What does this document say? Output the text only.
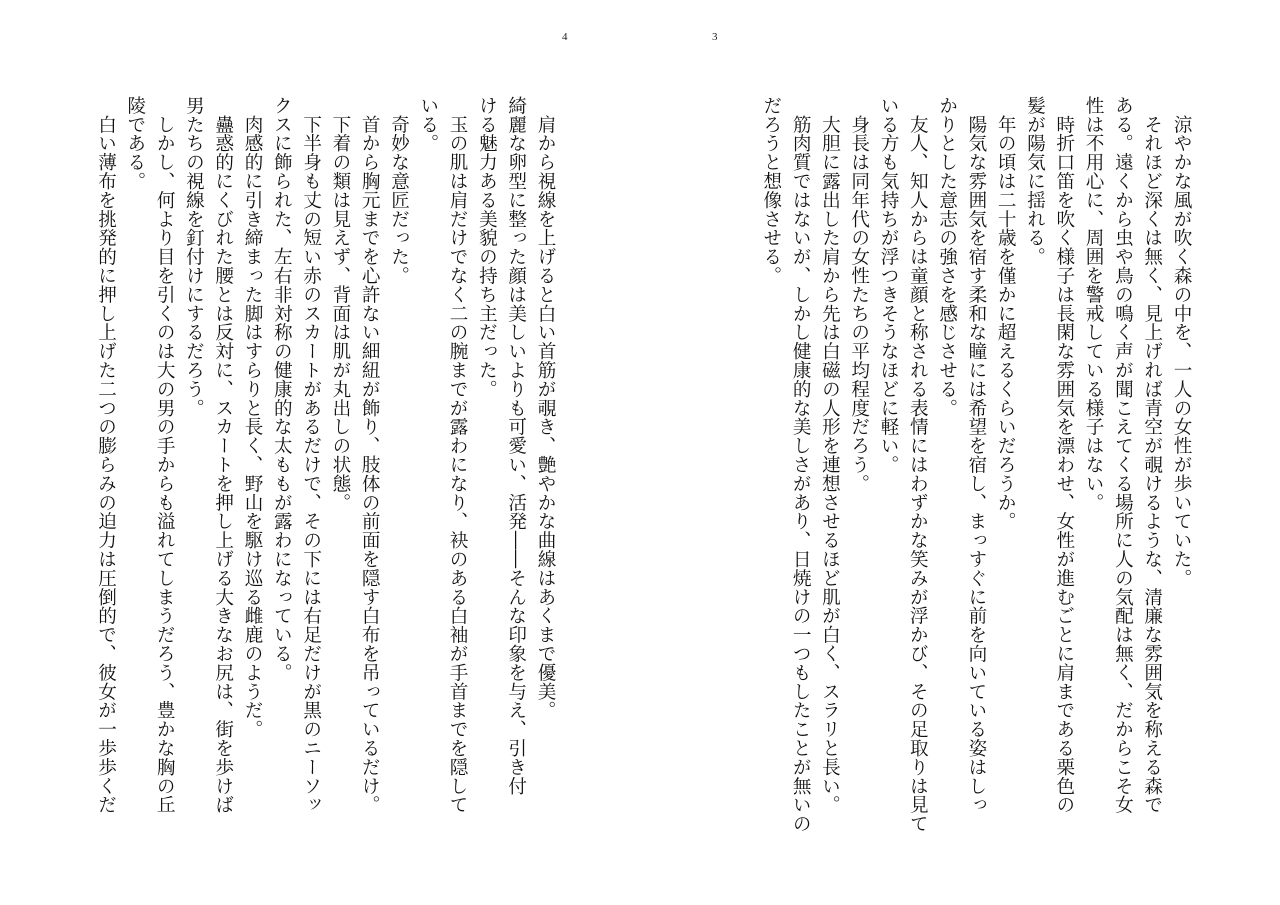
4
　肩から視線を上げると白い首筋が覗き、艶やかな曲線はあくまで優美。
綺麗な卵型に整った顔は美しいよりも可愛い、活発――そんな印象を与え、引き付
ける魅力ある美貌の持ち主だった。
　玉の肌は肩だけでなく二の腕までが露わになり、袂のある白袖が手首までを隠して
いる。
　奇妙な意匠だった。
　首から胸元までを心許ない細紐が飾り、肢体の前面を隠す白布を吊っているだけ。
　下着の類は見えず、背面は肌が丸出しの状態。
　下半身も丈の短い赤のスカートがあるだけで、その下には右足だけが黒のニーソッ
クスに飾られた、左右非対称の健康的な太ももが露わになっている。
　肉感的に引き締まった脚はすらりと長く、野山を駆け巡る雌鹿のようだ。
　蠱惑的にくびれた腰とは反対に、スカートを押し上げる大きなお尻は、街を歩けば
男たちの視線を釘付けにするだろう。
　しかし、何より目を引くのは大の男の手からも溢れてしまうだろう、豊かな胸の丘
陵である。
　白い薄布を挑発的に押し上げた二つの膨らみの迫力は圧倒的で、彼女が一歩歩くだ
3
　涼やかな風が吹く森の中を、一人の女性が歩いていた。
　それほど深くは無く、見上げれば青空が覗けるような、清廉な雰囲気を称える森で
ある。遠くから虫や鳥の鳴く声が聞こえてくる場所に人の気配は無く、だからこそ女
性は不用心に、周囲を警戒している様子はない。
　時折口笛を吹く様子は長閑な雰囲気を漂わせ、女性が進むごとに肩まである栗色の
髪が陽気に揺れる。
　年の頃は二十歳を僅かに超えるくらいだろうか。
　陽気な雰囲気を宿す柔和な瞳には希望を宿し、まっすぐに前を向いている姿はしっ
かりとした意志の強さを感じさせる。
　友人、知人からは童顔と称される表情にはわずかな笑みが浮かび、その足取りは見て
いる方も気持ちが浮つきそうなほどに軽い。
　身長は同年代の女性たちの平均程度だろう。
　大胆に露出した肩から先は白磁の人形を連想させるほど肌が白く、スラリと長い。
　筋肉質ではないが、しかし健康的な美しさがあり、日焼けの一つもしたことが無いの
だろうと想像させる。
